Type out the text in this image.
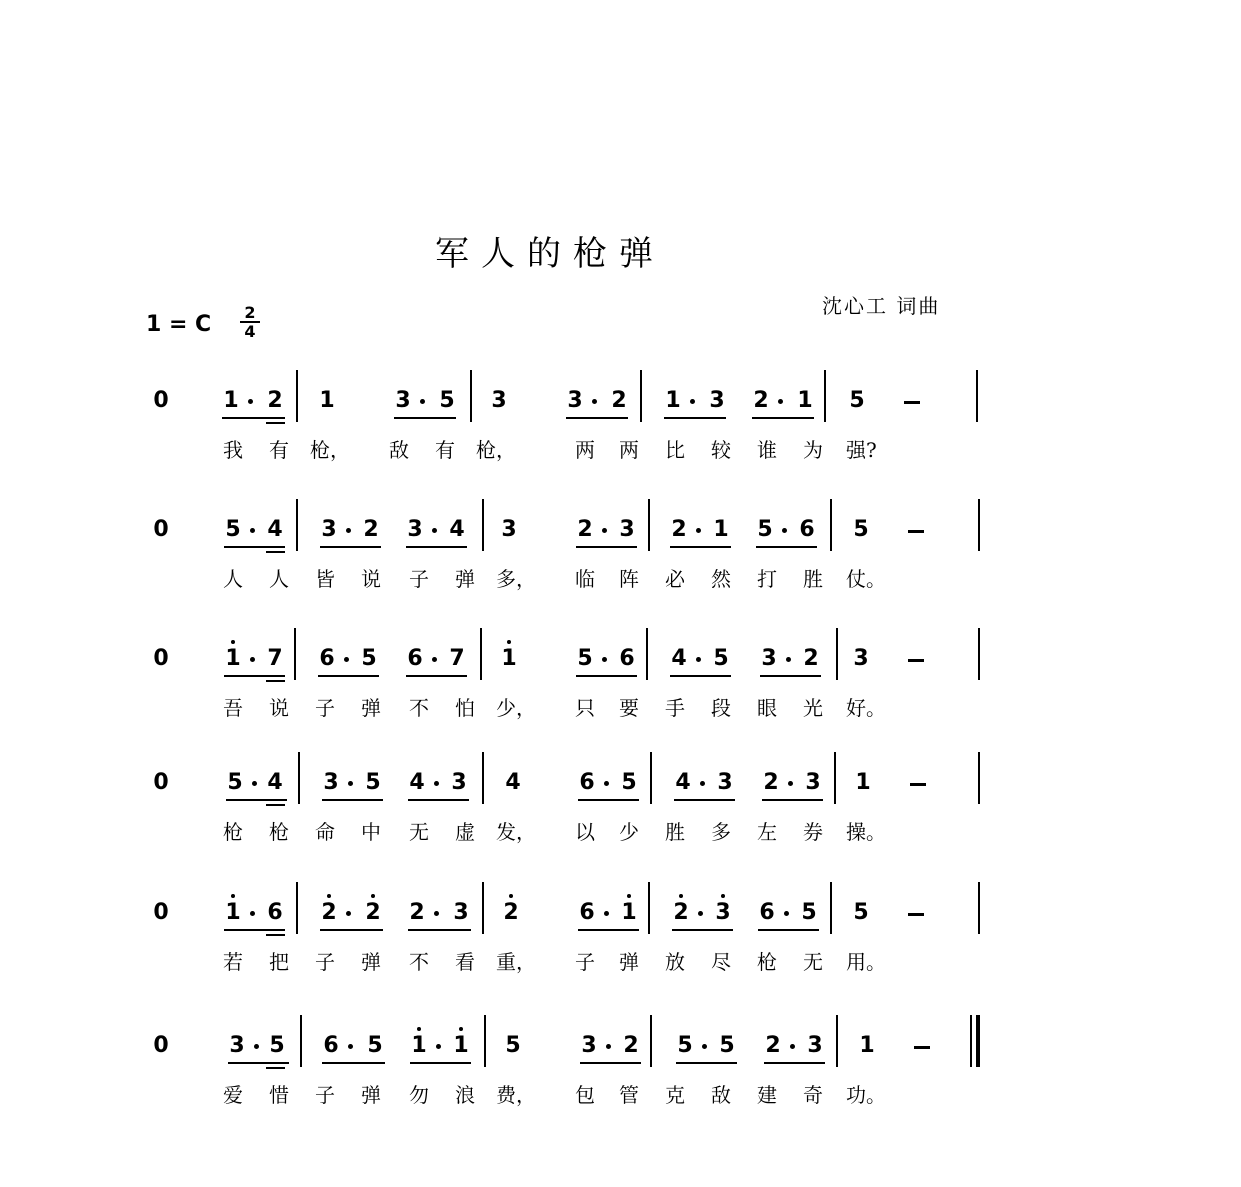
军人的枪弹
沈心工 词曲
1 = C 2
4
0 1 2 1	3 5 3	3 2 1 3 2 1 5
我 有 枪， 敌 有 枪，	两 两 比 较 谁 为 强?
0	5 4 3 2 3 4 3	2 3 2 1 5 6 5
人 人 皆 说 子 弹 多， 临 阵 必 然 打 胜 仗。
0	1 7 6 5 6 7 1	5 6 4 5 3 2 3
吾 说 子 弹 不 怕 少， 只 要 手 段 眼 光 好。
0	5 4 3 5 4 3 4	6 5 4 3 2 3 1
枪 枪 命 中 无 虚 发， 以 少 胜 多 左 券 操。
0	1 6 2 2 2 3 2	6 1 2 3 6 5 5
若 把 子 弹 不 看 重， 子 弹 放 尽 枪 无 用。
0	3 5 6 5 1 1 5	3 2 5 5 2 3 1
爱 惜 子 弹 勿 浪 费， 包 管 克 敌 建 奇 功。
